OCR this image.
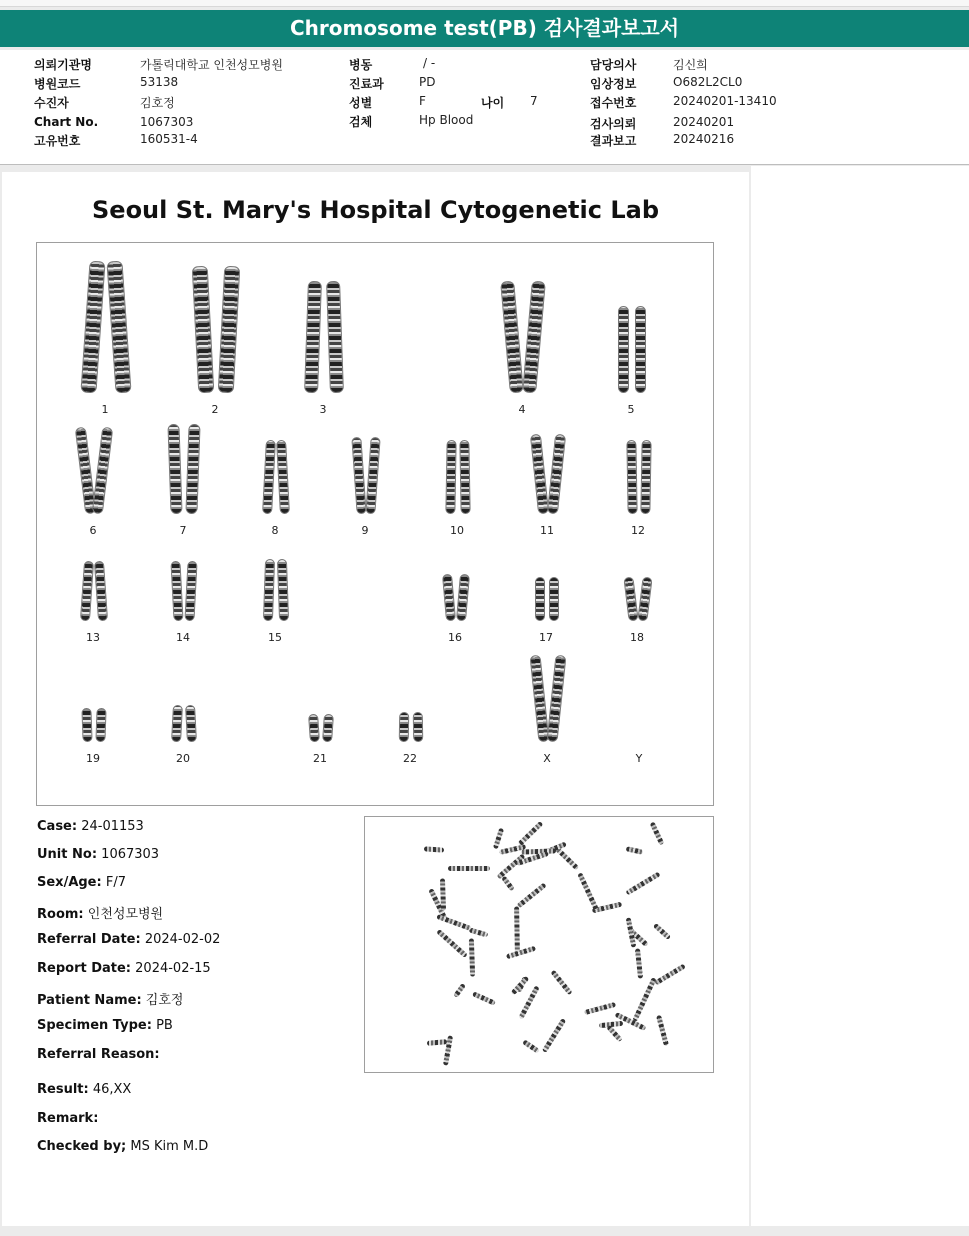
Chromosome test(PB) 검사결과보고서
의뢰기관명	가톨릭대학교 인천성모병원
병원코드	53138
수진자	김호정
Chart No.	1067303
고유번호	160531-4
병동	/ -
진료과	PD
성별	F	나이 7
검체	Hp Blood
담당의사	김신희
임상정보	O682L2CL0
접수번호	20240201-13410
검사의뢰	20240201
결과보고	20240216
Seoul St. Mary's Hospital Cytogenetic Lab
1	2	3	4	5
6	7	8	9	10	11	12
13	14	15	16	17	18
19	20	21	22	X	Y
Case: 24-01153
Unit No: 1067303
Sex/Age: F/7
Room: 인천성모병원
Referral Date: 2024-02-02
Report Date: 2024-02-15
Patient Name: 김호정
Specimen Type: PB
Referral Reason:
Result: 46,XX
Remark:
Checked by; MS Kim M.D
